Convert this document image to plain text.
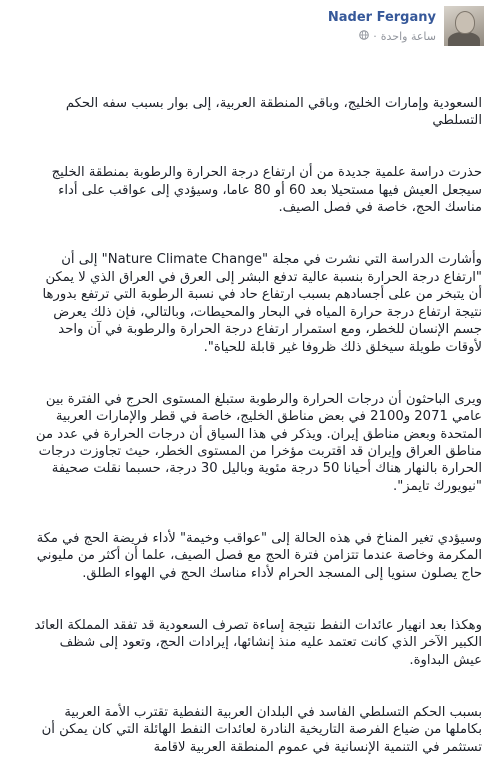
Nader Fergany
ساعة واحدة
·

السعودية وإمارات الخليج، وباقي المنطقة العربية، إلى بوار بسبب سفه الحكم التسلطي

حذرت دراسة علمية جديدة من أن ارتفاع درجة الحرارة والرطوبة بمنطقة الخليج سيجعل العيش فيها مستحيلا بعد 60 أو 80 عاما، وسيؤدي إلى عواقب على أداء مناسك الحج، خاصة في فصل الصيف.

وأشارت الدراسة التي نشرت في مجلة "Nature Climate Change" إلى أن "ارتفاع درجة الحرارة بنسبة عالية تدفع البشر إلى العرق في العراق الذي لا يمكن أن يتبخر من على أجسادهم بسبب ارتفاع حاد في نسبة الرطوبة التي ترتفع بدورها نتيجة ارتفاع درجة حرارة المياه في البحار والمحيطات، وبالتالي، فإن ذلك يعرض جسم الإنسان للخطر، ومع استمرار ارتفاع درجة الحرارة والرطوبة في آن واحد لأوقات طويلة سيخلق ذلك ظروفا غير قابلة للحياة".

ويرى الباحثون أن درجات الحرارة والرطوبة ستبلغ المستوى الحرج في الفترة بين عامي 2071 و2100 في بعض مناطق الخليج، خاصة في قطر والإمارات العربية المتحدة وبعض مناطق إيران. ويذكر في هذا السياق أن درجات الحرارة في عدد من مناطق العراق وإيران قد اقتربت مؤخرا من المستوى الخطر، حيث تجاوزت درجات الحرارة بالنهار هناك أحيانا 50 درجة مئوية وباليل 30 درجة، حسبما نقلت صحيفة "نيويورك تايمز".

وسيؤدي تغير المناخ في هذه الحالة إلى "عواقب وخيمة" لأداء فريضة الحج في مكة المكرمة وخاصة عندما تتزامن فترة الحج مع فصل الصيف، علما أن أكثر من مليوني حاج يصلون سنويا إلى المسجد الحرام لأداء مناسك الحج في الهواء الطلق.

وهكذا بعد انهيار عائدات النفط نتيجة إساءة تصرف السعودية قد تفقد المملكة العائد الكبير الآخر الذي كانت تعتمد عليه منذ إنشائها، إيرادات الحج، وتعود إلى شظف عيش البداوة.

بسبب الحكم التسلطي الفاسد في البلدان العربية النفطية تقترب الأمة العربية بكاملها من ضياع الفرصة التاريخية النادرة لعائدات النفط الهائلة التي كان يمكن أن تستثمر في التنمية الإنسانية في عموم المنطقة العربية لاقامة
